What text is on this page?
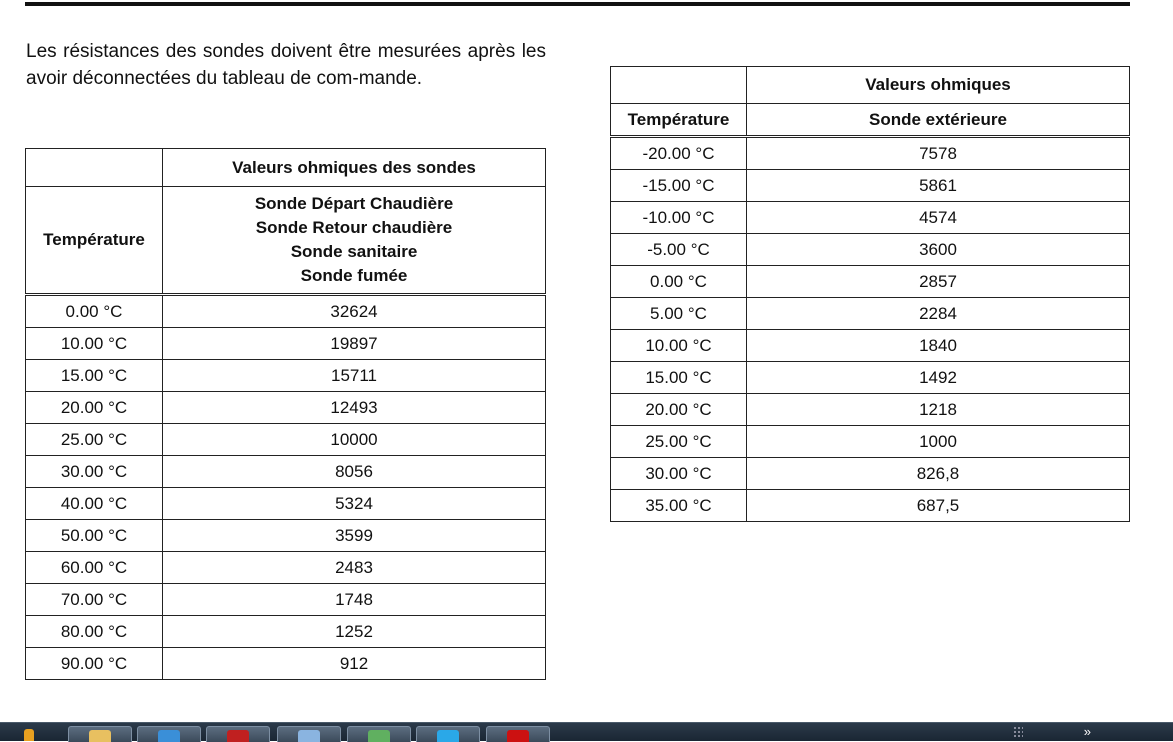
Les résistances des sondes doivent être mesurées après les avoir déconnectées du tableau de com-mande.

	Valeurs ohmiques des sondes
Température	Sonde Départ Chaudière
Sonde Retour chaudière
Sonde sanitaire
Sonde fumée

0.00 °C	32624
10.00 °C	19897
15.00 °C	15711
20.00 °C	12493
25.00 °C	10000
30.00 °C	8056
40.00 °C	5324
50.00 °C	3599
60.00 °C	2483
70.00 °C	1748
80.00 °C	1252
90.00 °C	912
	Valeurs ohmiques
Température	Sonde extérieure
-20.00 °C	7578
-15.00 °C	5861
-10.00 °C	4574
-5.00 °C	3600
0.00 °C	2857
5.00 °C	2284
10.00 °C	1840
15.00 °C	1492
20.00 °C	1218
25.00 °C	1000
30.00 °C	826,8
35.00 °C	687,5
»
